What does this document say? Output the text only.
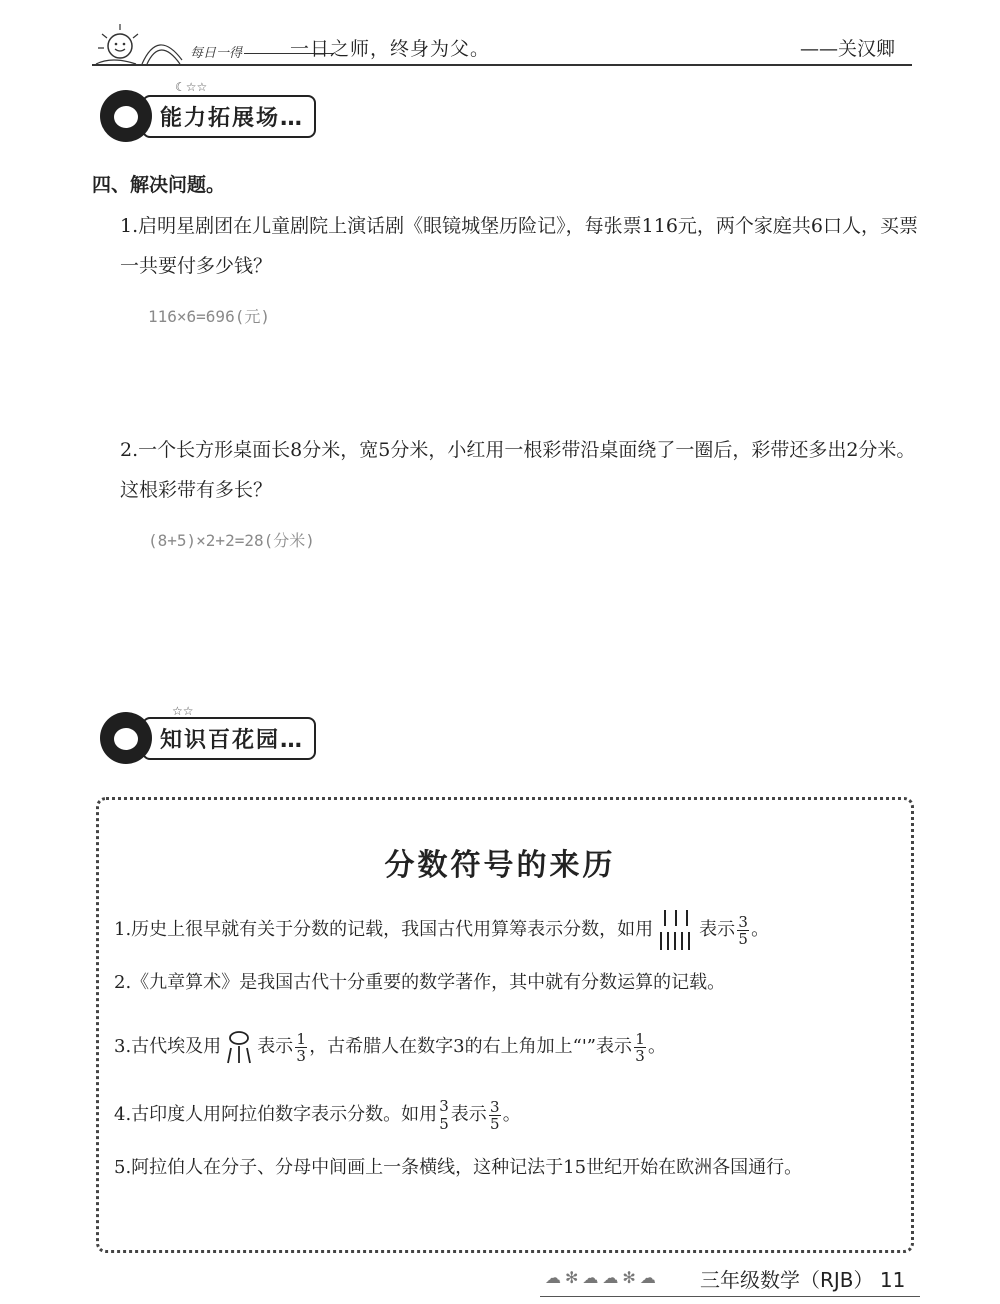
每日一得	一日之师，终身为父。	——关汉卿
能力拓展场…
☾☆☆
四、解决问题。
1.启明星剧团在儿童剧院上演话剧《眼镜城堡历险记》，每张票116元，两个家庭共6口人，买票一共要付多少钱？
116×6=696(元)
2.一个长方形桌面长8分米，宽5分米，小红用一根彩带沿桌面绕了一圈后，彩带还多出2分米。这根彩带有多长？
(8+5)×2+2=28(分米)
知识百花园…
☆☆
分数符号的来历
1.历史上很早就有关于分数的记载，我国古代用算筹表示分数，如用	表示 $\frac{3}{5}$ 。
2.《九章算术》是我国古代十分重要的数学著作，其中就有分数运算的记载。
3.古代埃及用 表示 $\frac{1}{3}$ ，古希腊人在数字3的右上角加上“'”表示 $\frac{1}{3}$ 。
4.古印度人用阿拉伯数字表示分数。如用 3
5 表示 $\frac{3}{5}$ 。
5.阿拉伯人在分子、分母中间画上一条横线，这种记法于15世纪开始在欧洲各国通行。
☁✻☁☁✻☁ 三年级数学（RJB） 11
